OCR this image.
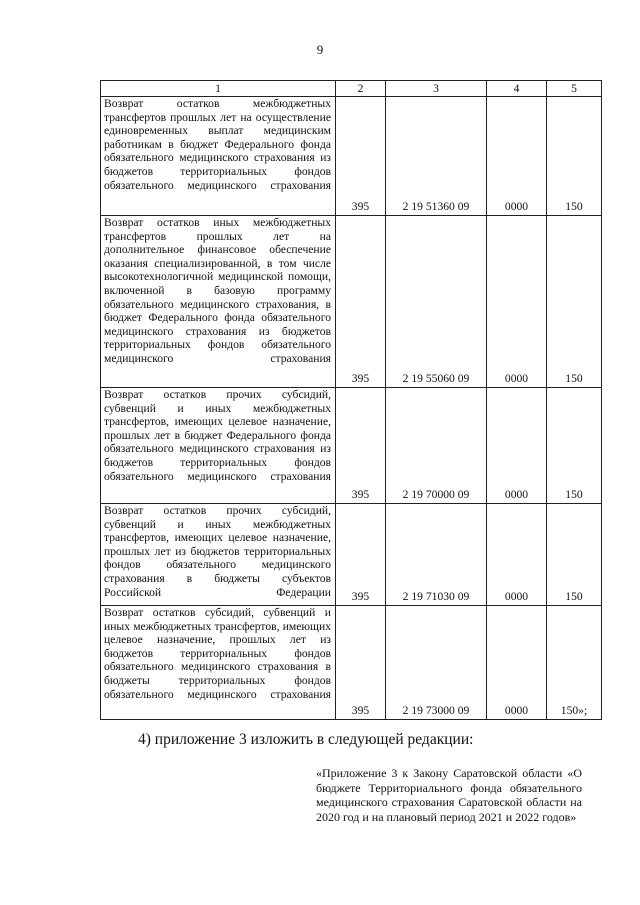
9
1	2	3	4	5
Возврат остатков межбюджетных трансфертов прошлых лет на осуществление единовременных выплат медицинским работникам в бюджет Федерального фонда обязательного медицинского страхования из бюджетов территориальных фондов обязательного медицинского страхования	395	2 19 51360 09	0000	150
Возврат остатков иных межбюджетных трансфертов прошлых лет на дополнительное финансовое обеспечение оказания специализированной, в том числе высокотехнологичной медицинской помощи, включенной в базовую программу обязательного медицинского страхования, в бюджет Федерального фонда обязательного медицинского страхования из бюджетов территориальных фондов обязательного медицинского страхования	395	2 19 55060 09	0000	150
Возврат остатков прочих субсидий, субвенций и иных межбюджетных трансфертов, имеющих целевое назначение, прошлых лет в бюджет Федерального фонда обязательного медицинского страхования из бюджетов территориальных фондов обязательного медицинского страхования	395	2 19 70000 09	0000	150
Возврат остатков прочих субсидий, субвенций и иных межбюджетных трансфертов, имеющих целевое назначение, прошлых лет из бюджетов территориальных фондов обязательного медицинского страхования в бюджеты субъектов Российской Федерации	395	2 19 71030 09	0000	150
Возврат остатков субсидий, субвенций и иных межбюджетных трансфертов, имеющих целевое назначение, прошлых лет из бюджетов территориальных фондов обязательного медицинского страхования в бюджеты территориальных фондов обязательного медицинского страхования	395	2 19 73000 09	0000	150»;
4) приложение 3 изложить в следующей редакции:
«Приложение 3 к Закону Саратовской области «О бюджете Территориального фонда обязательного медицинского страхования Саратовской области на 2020 год и на плановый период 2021 и 2022 годов»
